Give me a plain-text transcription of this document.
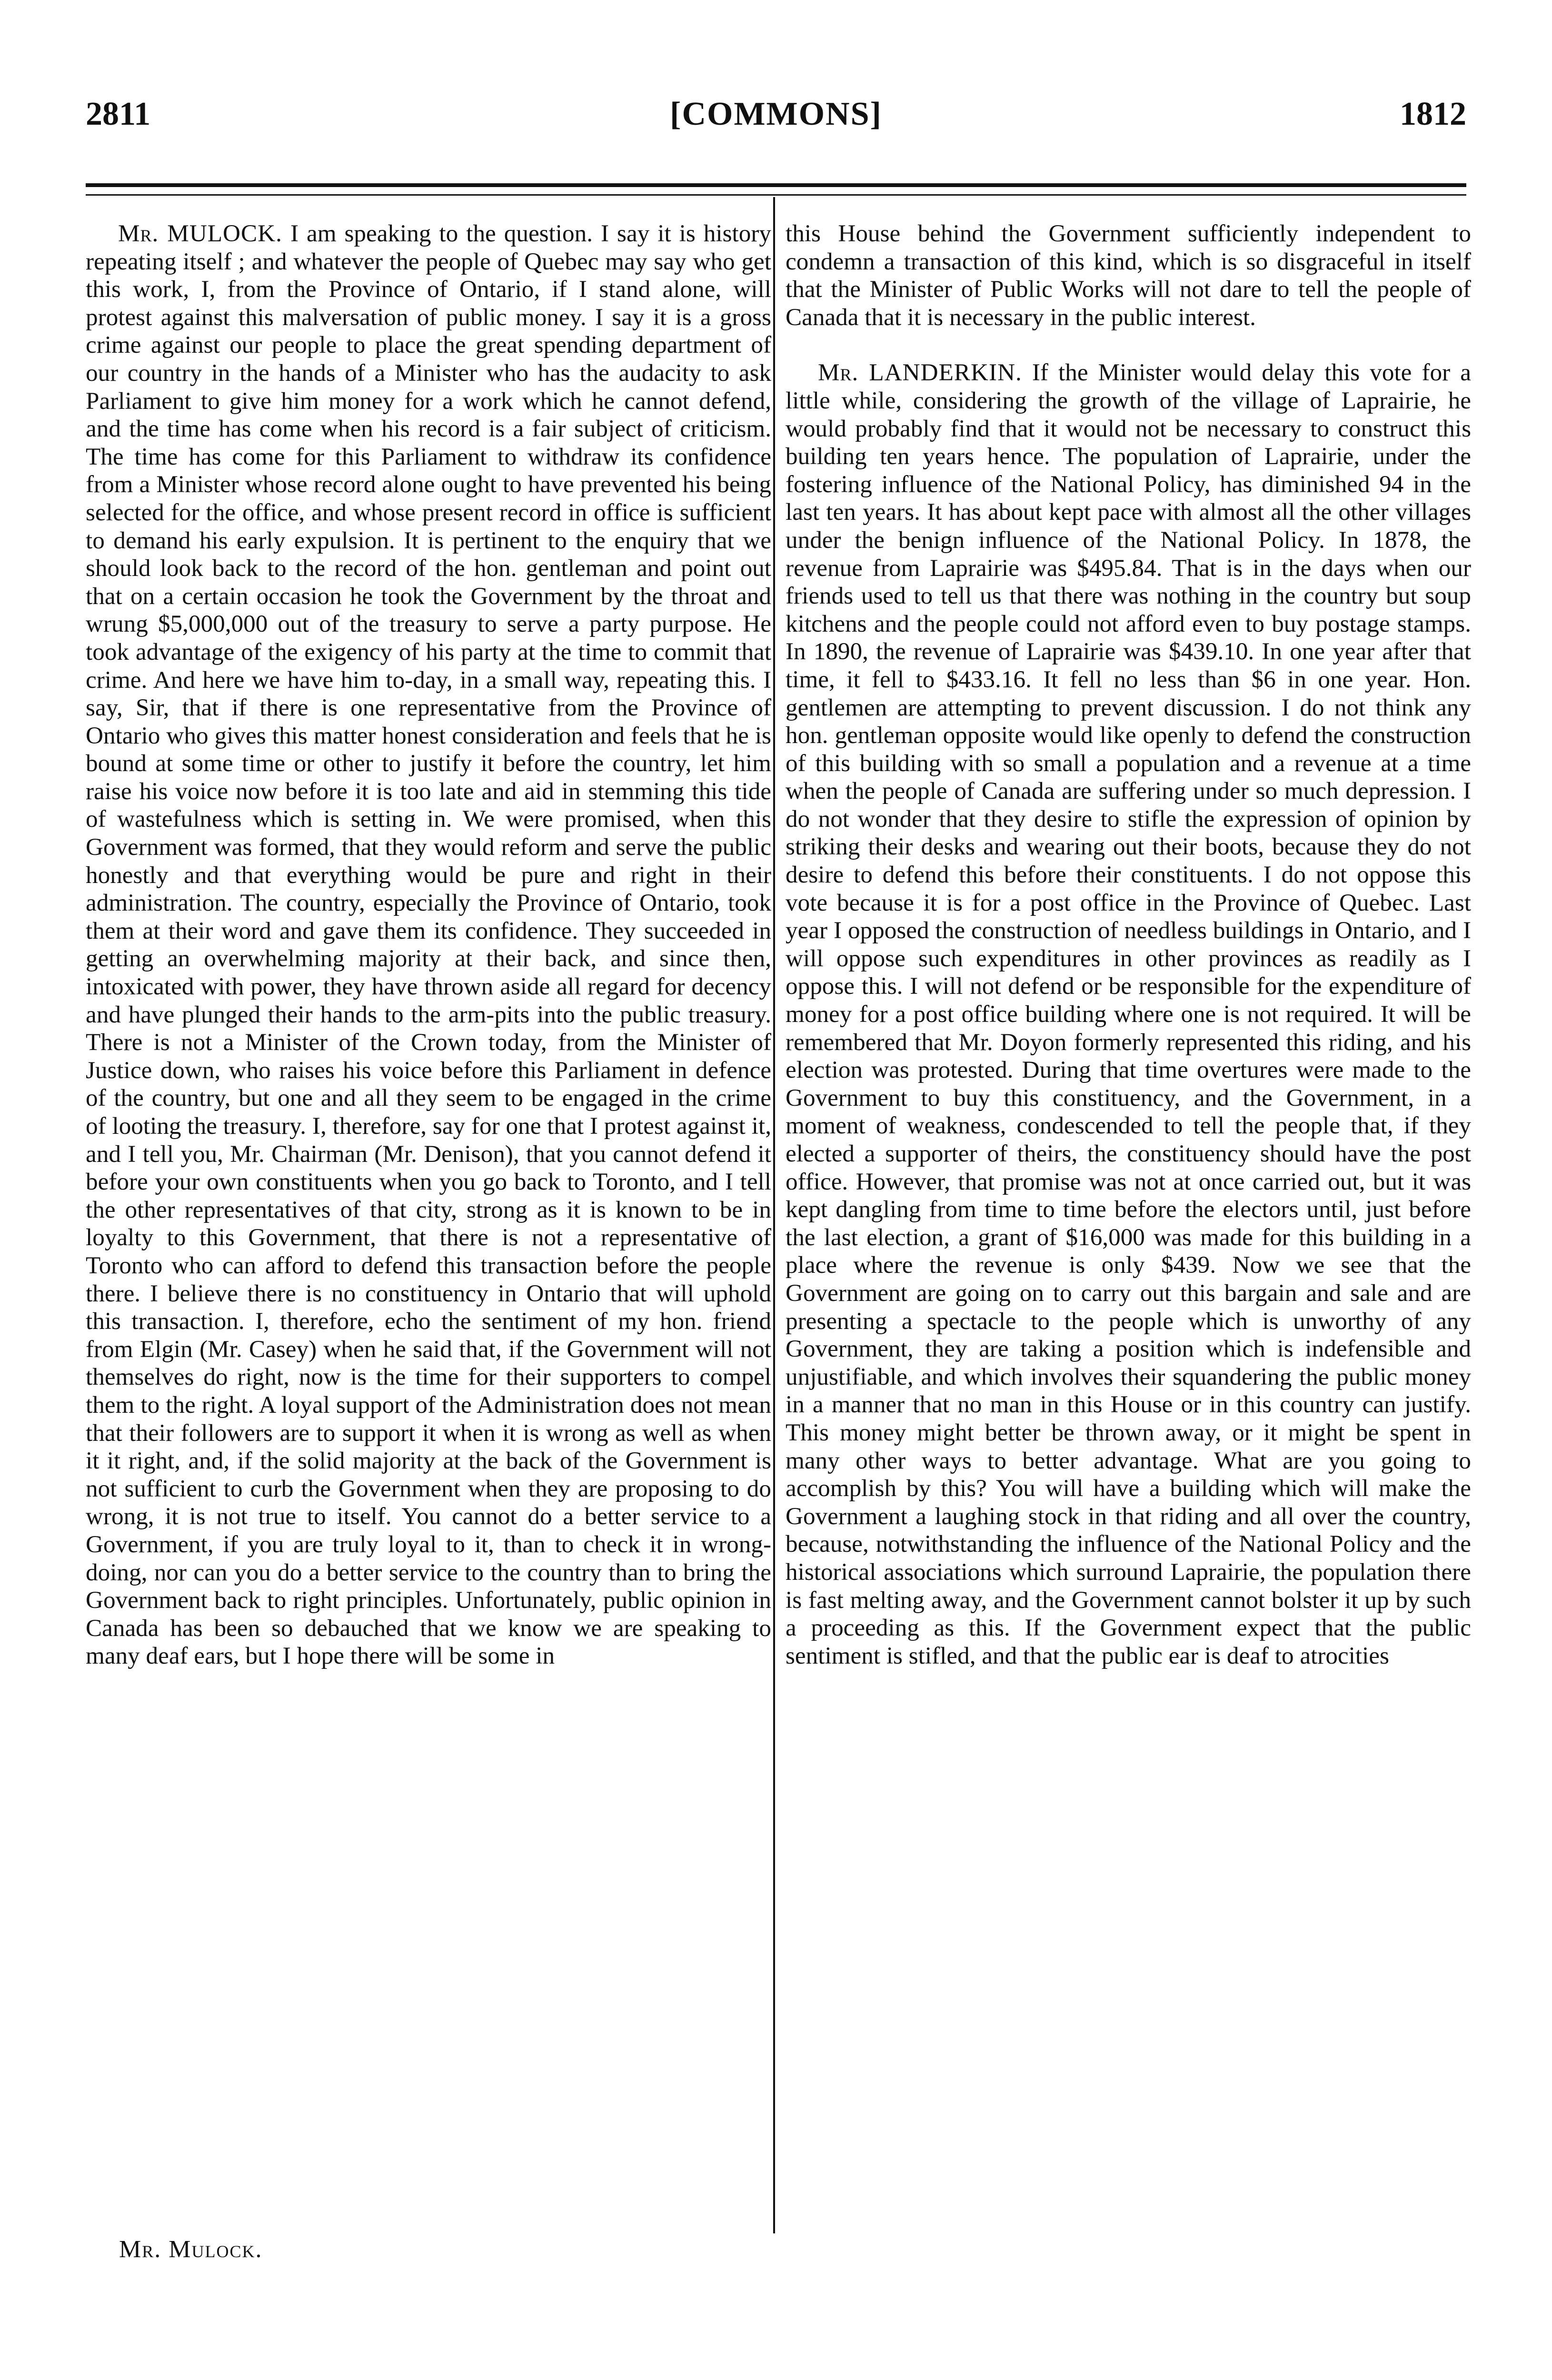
2811	[COMMONS]	1812

Mr. MULOCK. I am speaking to the question. I say it is history repeating itself ; and whatever the people of Quebec may say who get this work, I, from the Province of Ontario, if I stand alone, will protest against this malversation of public money. I say it is a gross crime against our people to place the great spending department of our country in the hands of a Minister who has the audacity to ask Parliament to give him money for a work which he cannot defend, and the time has come when his record is a fair subject of criticism. The time has come for this Parliament to withdraw its confidence from a Minister whose record alone ought to have prevented his being selected for the office, and whose present record in office is sufficient to demand his early expulsion. It is pertinent to the enquiry that we should look back to the record of the hon. gentleman and point out that on a certain occasion he took the Government by the throat and wrung $5,000,000 out of the treasury to serve a party purpose. He took advantage of the exigency of his party at the time to commit that crime. And here we have him to-day, in a small way, repeating this. I say, Sir, that if there is one representative from the Province of Ontario who gives this matter honest consideration and feels that he is bound at some time or other to justify it before the country, let him raise his voice now before it is too late and aid in stemming this tide of wastefulness which is setting in. We were promised, when this Government was formed, that they would reform and serve the public honestly and that everything would be pure and right in their administration. The country, especially the Province of Ontario, took them at their word and gave them its confidence. They succeeded in getting an overwhelming majority at their back, and since then, intoxicated with power, they have thrown aside all regard for decency and have plunged their hands to the arm-pits into the public treasury. There is not a Minister of the Crown today, from the Minister of Justice down, who raises his voice before this Parliament in defence of the country, but one and all they seem to be engaged in the crime of looting the treasury. I, therefore, say for one that I protest against it, and I tell you, Mr. Chairman (Mr. Denison), that you cannot defend it before your own constituents when you go back to Toronto, and I tell the other representatives of that city, strong as it is known to be in loyalty to this Government, that there is not a representative of Toronto who can afford to defend this transaction before the people there. I believe there is no constituency in Ontario that will uphold this transaction. I, therefore, echo the sentiment of my hon. friend from Elgin (Mr. Casey) when he said that, if the Government will not themselves do right, now is the time for their supporters to compel them to the right. A loyal support of the Administration does not mean that their followers are to support it when it is wrong as well as when it it right, and, if the solid majority at the back of the Government is not sufficient to curb the Government when they are proposing to do wrong, it is not true to itself. You cannot do a better service to a Government, if you are truly loyal to it, than to check it in wrong-doing, nor can you do a better service to the country than to bring the Government back to right principles. Unfortunately, public opinion in Canada has been so debauched that we know we are speaking to many deaf ears, but I hope there will be some in

this House behind the Government sufficiently independent to condemn a transaction of this kind, which is so disgraceful in itself that the Minister of Public Works will not dare to tell the people of Canada that it is necessary in the public interest.

Mr. LANDERKIN. If the Minister would delay this vote for a little while, considering the growth of the village of Laprairie, he would probably find that it would not be necessary to construct this building ten years hence. The population of Laprairie, under the fostering influence of the National Policy, has diminished 94 in the last ten years. It has about kept pace with almost all the other villages under the benign influence of the National Policy. In 1878, the revenue from Laprairie was $495.84. That is in the days when our friends used to tell us that there was nothing in the country but soup kitchens and the people could not afford even to buy postage stamps. In 1890, the revenue of Laprairie was $439.10. In one year after that time, it fell to $433.16. It fell no less than $6 in one year. Hon. gentlemen are attempting to prevent discussion. I do not think any hon. gentleman opposite would like openly to defend the construction of this building with so small a population and a revenue at a time when the people of Canada are suffering under so much depression. I do not wonder that they desire to stifle the expression of opinion by striking their desks and wearing out their boots, because they do not desire to defend this before their constituents. I do not oppose this vote because it is for a post office in the Province of Quebec. Last year I opposed the construction of needless buildings in Ontario, and I will oppose such expenditures in other provinces as readily as I oppose this. I will not defend or be responsible for the expenditure of money for a post office building where one is not required. It will be remembered that Mr. Doyon formerly represented this riding, and his election was protested. During that time overtures were made to the Government to buy this constituency, and the Government, in a moment of weakness, condescended to tell the people that, if they elected a supporter of theirs, the constituency should have the post office. However, that promise was not at once carried out, but it was kept dangling from time to time before the electors until, just before the last election, a grant of $16,000 was made for this building in a place where the revenue is only $439. Now we see that the Government are going on to carry out this bargain and sale and are presenting a spectacle to the people which is unworthy of any Government, they are taking a position which is indefensible and unjustifiable, and which involves their squandering the public money in a manner that no man in this House or in this country can justify. This money might better be thrown away, or it might be spent in many other ways to better advantage. What are you going to accomplish by this? You will have a building which will make the Government a laughing stock in that riding and all over the country, because, notwithstanding the influence of the National Policy and the historical associations which surround Laprairie, the population there is fast melting away, and the Government cannot bolster it up by such a proceeding as this. If the Government expect that the public sentiment is stifled, and that the public ear is deaf to atrocities

Mr. Mulock.
